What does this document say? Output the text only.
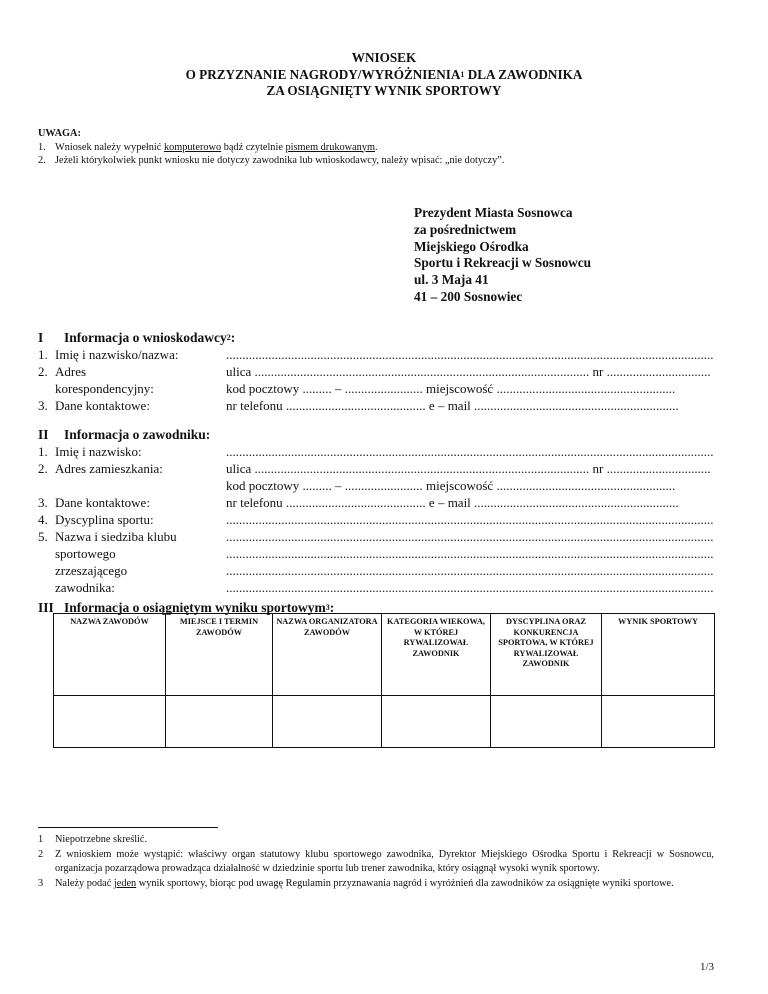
WNIOSEK
O PRZYZNANIE NAGRODY/WYRÓŻNIENIA$^1$ DLA ZAWODNIKA
ZA OSIĄGNIĘTY WYNIK SPORTOWY
UWAGA:
1. Wniosek należy wypełnić komputerowo bądź czytelnie pismem drukowanym.
2. Jeżeli którykolwiek punkt wniosku nie dotyczy zawodnika lub wnioskodawcy, należy wpisać: „nie dotyczy”.
Prezydent Miasta Sosnowca
za pośrednictwem
Miejskiego Ośrodka
Sportu i Rekreacji w Sosnowcu
ul. 3 Maja 41
41 – 200 Sosnowiec
I Informacja o wnioskodawcy$^2$:
1. Imię i nazwisko/nazwa:	......................................................................................................................................................
2. Adres	ulica ....................................................................................................... nr ................................
korespondencyjny:	kod pocztowy ......... – ........................ miejscowość .......................................................
3. Dane kontaktowe:	nr telefonu ........................................... e – mail ...............................................................
II Informacja o zawodniku:
1. Imię i nazwisko:	......................................................................................................................................................
2. Adres zamieszkania:	ulica ....................................................................................................... nr ................................
kod pocztowy ......... – ........................ miejscowość .......................................................
3. Dane kontaktowe:	nr telefonu ........................................... e – mail ...............................................................
4. Dyscyplina sportu:	......................................................................................................................................................
5. Nazwa i siedziba klubu	......................................................................................................................................................
sportowego	......................................................................................................................................................
zrzeszającego	......................................................................................................................................................
zawodnika:	......................................................................................................................................................
III Informacja o osiągniętym wyniku sportowym$^3$:
NAZWA ZAWODÓW	MIEJSCE I TERMIN ZAWODÓW	NAZWA ORGANIZATORA ZAWODÓW	KATEGORIA WIEKOWA, W KTÓREJ RYWALIZOWAŁ ZAWODNIK	DYSCYPLINA ORAZ KONKURENCJA SPORTOWA, W KTÓREJ RYWALIZOWAŁ ZAWODNIK	WYNIK SPORTOWY

1	Niepotrzebne skreślić.
2	Z wnioskiem może wystąpić: właściwy organ statutowy klubu sportowego zawodnika, Dyrektor Miejskiego Ośrodka Sportu i Rekreacji w Sosnowcu, organizacja pozarządowa prowadząca działalność w dziedzinie sportu lub trener zawodnika, który osiągnął wysoki wynik sportowy.
3	Należy podać jeden wynik sportowy, biorąc pod uwagę Regulamin przyznawania nagród i wyróżnień dla zawodników za osiągnięte wyniki sportowe.
1/3
